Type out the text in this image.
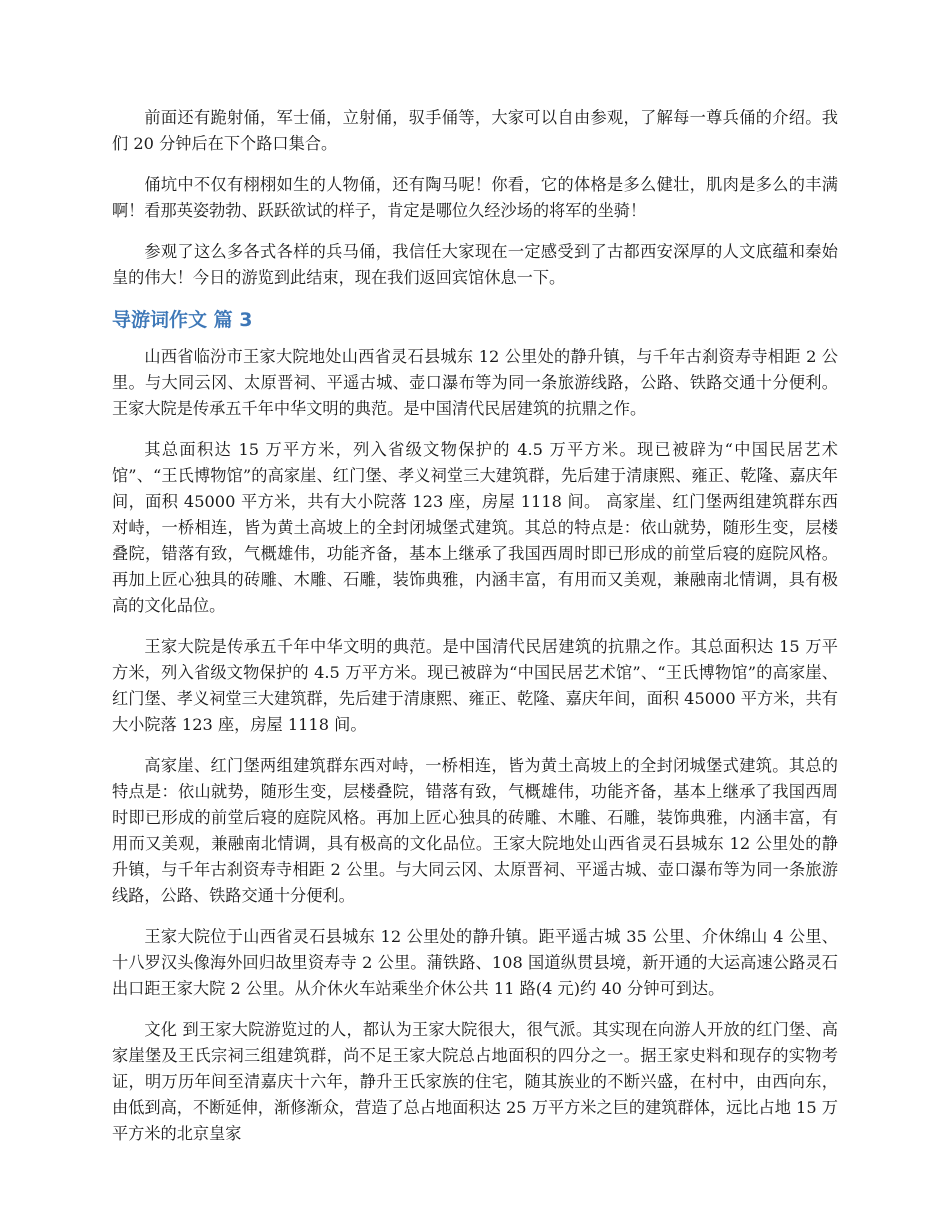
前面还有跪射俑，军士俑，立射俑，驭手俑等，大家可以自由参观，了解每一尊兵俑的介绍。我们 20 分钟后在下个路口集合。

俑坑中不仅有栩栩如生的人物俑，还有陶马呢！你看，它的体格是多么健壮，肌肉是多么的丰满啊！看那英姿勃勃、跃跃欲试的样子，肯定是哪位久经沙场的将军的坐骑！

参观了这么多各式各样的兵马俑，我信任大家现在一定感受到了古都西安深厚的人文底蕴和秦始皇的伟大！今日的游览到此结束，现在我们返回宾馆休息一下。

导游词作文 篇 3

山西省临汾市王家大院地处山西省灵石县城东 12 公里处的静升镇，与千年古刹资寿寺相距 2 公里。与大同云冈、太原晋祠、平遥古城、壶口瀑布等为同一条旅游线路，公路、铁路交通十分便利。 王家大院是传承五千年中华文明的典范。是中国清代民居建筑的抗鼎之作。

其总面积达 15 万平方米，列入省级文物保护的 4.5 万平方米。现已被辟为“中国民居艺术馆”、“王氏博物馆”的高家崖、红门堡、孝义祠堂三大建筑群，先后建于清康熙、雍正、乾隆、嘉庆年间，面积 45000 平方米，共有大小院落 123 座，房屋 1118 间。 高家崖、红门堡两组建筑群东西对峙，一桥相连，皆为黄土高坡上的全封闭城堡式建筑。其总的特点是：依山就势，随形生变，层楼叠院，错落有致，气概雄伟，功能齐备，基本上继承了我国西周时即已形成的前堂后寝的庭院风格。再加上匠心独具的砖雕、木雕、石雕，装饰典雅，内涵丰富，有用而又美观，兼融南北情调，具有极高的文化品位。

王家大院是传承五千年中华文明的典范。是中国清代民居建筑的抗鼎之作。其总面积达 15 万平方米，列入省级文物保护的 4.5 万平方米。现已被辟为“中国民居艺术馆”、“王氏博物馆”的高家崖、红门堡、孝义祠堂三大建筑群，先后建于清康熙、雍正、乾隆、嘉庆年间，面积 45000 平方米，共有大小院落 123 座，房屋 1118 间。

高家崖、红门堡两组建筑群东西对峙，一桥相连，皆为黄土高坡上的全封闭城堡式建筑。其总的特点是：依山就势，随形生变，层楼叠院，错落有致，气概雄伟，功能齐备，基本上继承了我国西周时即已形成的前堂后寝的庭院风格。再加上匠心独具的砖雕、木雕、石雕，装饰典雅，内涵丰富，有用而又美观，兼融南北情调，具有极高的文化品位。王家大院地处山西省灵石县城东 12 公里处的静升镇，与千年古刹资寿寺相距 2 公里。与大同云冈、太原晋祠、平遥古城、壶口瀑布等为同一条旅游线路，公路、铁路交通十分便利。

王家大院位于山西省灵石县城东 12 公里处的静升镇。距平遥古城 35 公里、介休绵山 4 公里、十八罗汉头像海外回归故里资寿寺 2 公里。蒲铁路、108 国道纵贯县境，新开通的大运高速公路灵石出口距王家大院 2 公里。从介休火车站乘坐介休公共 11 路(4 元)约 40 分钟可到达。

文化 到王家大院游览过的人，都认为王家大院很大，很气派。其实现在向游人开放的红门堡、高家崖堡及王氏宗祠三组建筑群，尚不足王家大院总占地面积的四分之一。据王家史料和现存的实物考证，明万历年间至清嘉庆十六年，静升王氏家族的住宅，随其族业的不断兴盛，在村中，由西向东，由低到高，不断延伸，渐修渐众，营造了总占地面积达 25 万平方米之巨的建筑群体，远比占地 15 万平方米的北京皇家
